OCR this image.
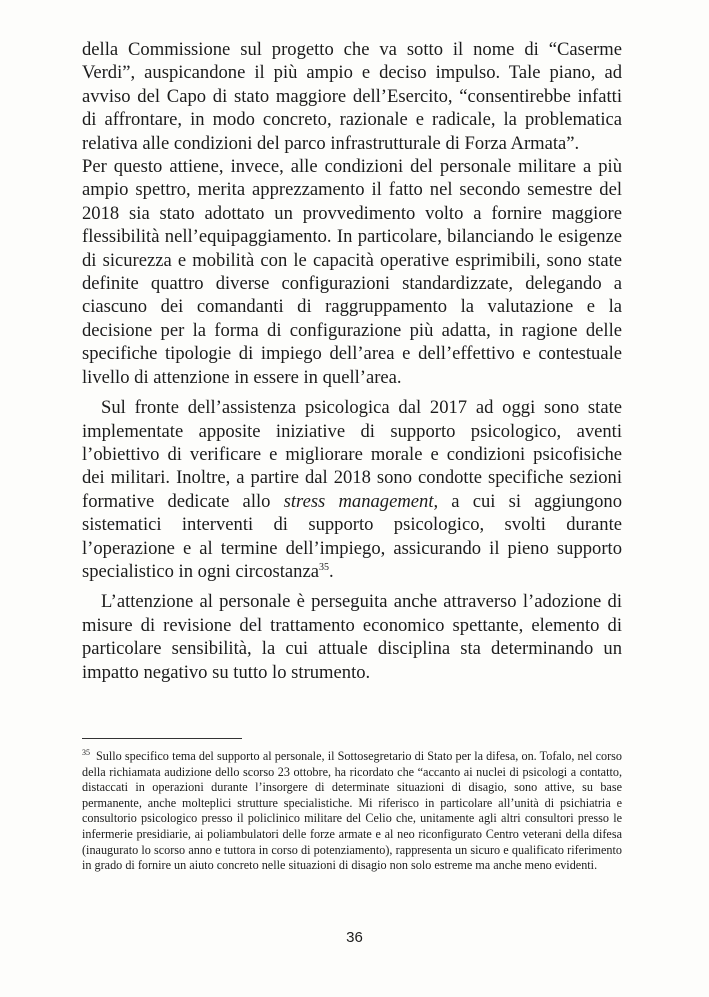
della Commissione sul progetto che va sotto il nome di “Caserme Verdi”, auspicandone il più ampio e deciso impulso. Tale piano, ad avviso del Capo di stato maggiore dell’Esercito, “consentirebbe infatti di affrontare, in modo concreto, razionale e radicale, la problematica relativa alle condizioni del parco infrastrutturale di Forza Armata”.

Per questo attiene, invece, alle condizioni del personale militare a più ampio spettro, merita apprezzamento il fatto nel secondo semestre del 2018 sia stato adottato un provvedimento volto a fornire maggiore flessibilità nell’equipaggiamento. In particolare, bilanciando le esigenze di sicurezza e mobilità con le capacità operative esprimibili, sono state definite quattro diverse configurazioni standardizzate, delegando a ciascuno dei comandanti di raggruppamento la valutazione e la decisione per la forma di configurazione più adatta, in ragione delle specifiche tipologie di impiego dell’area e dell’effettivo e contestuale livello di attenzione in essere in quell’area.

Sul fronte dell’assistenza psicologica dal 2017 ad oggi sono state implementate apposite iniziative di supporto psicologico, aventi l’obiettivo di verificare e migliorare morale e condizioni psicofisiche dei militari. Inoltre, a partire dal 2018 sono condotte specifiche sezioni formative dedicate allo stress management, a cui si aggiungono sistematici interventi di supporto psicologico, svolti durante l’operazione e al termine dell’impiego, assicurando il pieno supporto specialistico in ogni circostanza$^{35}$.

L’attenzione al personale è perseguita anche attraverso l’adozione di misure di revisione del trattamento economico spettante, elemento di particolare sensibilità, la cui attuale disciplina sta determinando un impatto negativo su tutto lo strumento.

$^{35}$ Sullo specifico tema del supporto al personale, il Sottosegretario di Stato per la difesa, on. Tofalo, nel corso della richiamata audizione dello scorso 23 ottobre, ha ricordato che “accanto ai nuclei di psicologi a contatto, distaccati in operazioni durante l’insorgere di determinate situazioni di disagio, sono attive, su base permanente, anche molteplici strutture specialistiche. Mi riferisco in particolare all’unità di psichiatria e consultorio psicologico presso il policlinico militare del Celio che, unitamente agli altri consultori presso le infermerie presidiarie, ai poliambulatori delle forze armate e al neo riconfigurato Centro veterani della difesa (inaugurato lo scorso anno e tuttora in corso di potenziamento), rappresenta un sicuro e qualificato riferimento in grado di fornire un aiuto concreto nelle situazioni di disagio non solo estreme ma anche meno evidenti.
36
